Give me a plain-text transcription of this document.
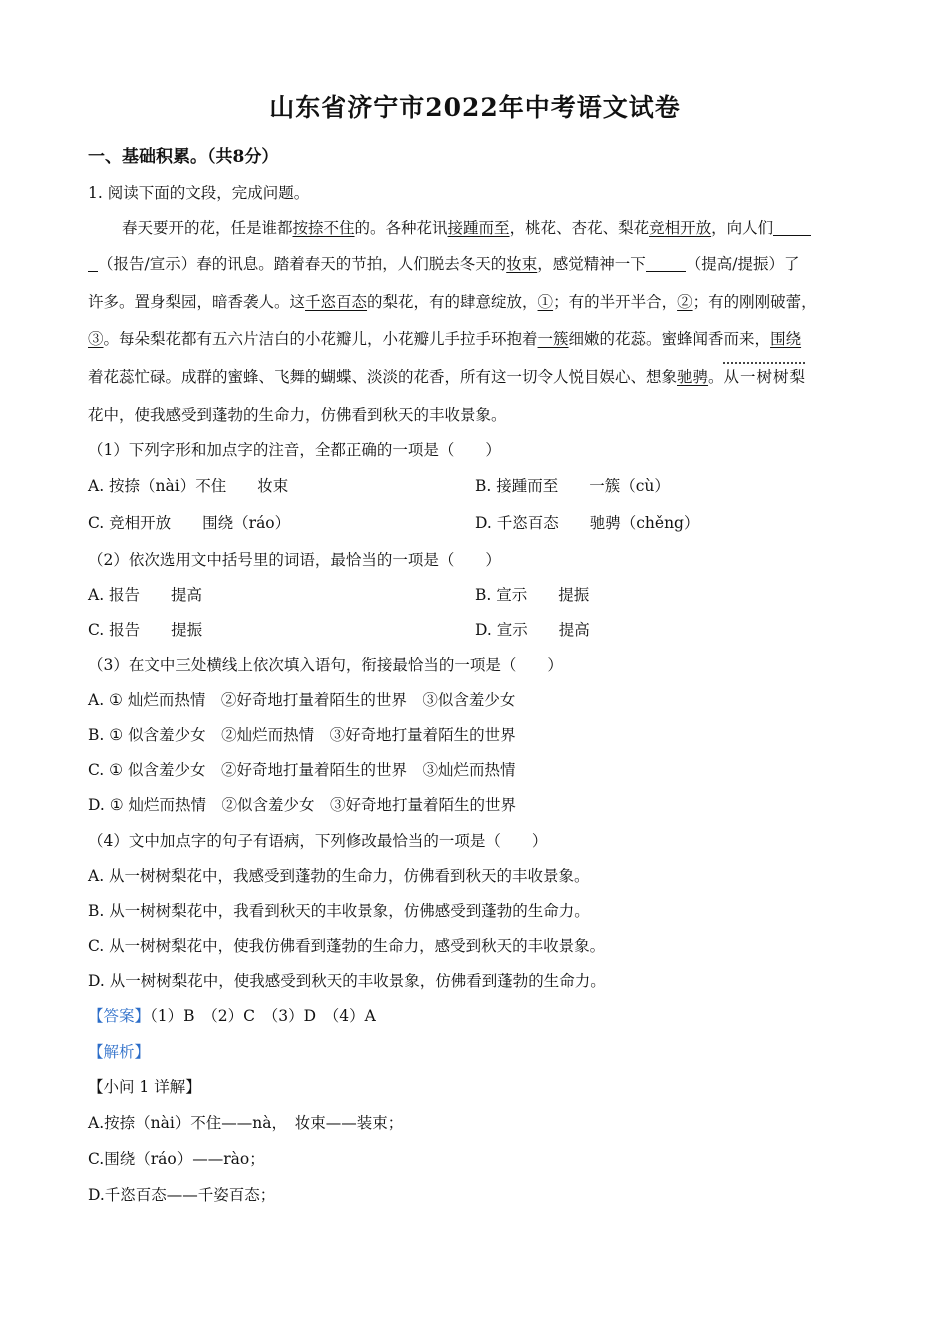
山东省济宁市2022年中考语文试卷
一、基础积累。（共8分）
1. 阅读下面的文段，完成问题。
春天要开的花，任是谁都按捺不住的。各种花讯接踵而至，桃花、杏花、梨花竞相开放，向人们
（报告/宣示）春的讯息。踏着春天的节拍，人们脱去冬天的妆束，感觉精神一下	（提高/提振）了
许多。置身梨园，暗香袭人。这千恣百态的梨花，有的肆意绽放，①；有的半开半合，②；有的刚刚破蕾，
③。每朵梨花都有五六片洁白的小花瓣儿，小花瓣儿手拉手环抱着一簇细嫩的花蕊。蜜蜂闻香而来，围绕
着花蕊忙碌。成群的蜜蜂、飞舞的蝴蝶、淡淡的花香，所有这一切令人悦目娱心、想象驰骋。从一树树梨
花中，使我感受到蓬勃的生命力，仿佛看到秋天的丰收景象。
（1）下列字形和加点字的注音，全都正确的一项是（　　）
A. 按捺（nài）不住　　妆束	B. 接踵而至　　一簇（cù）
C. 竞相开放　　围绕（ráo）	D. 千恣百态　　驰骋（chěng）
（2）依次选用文中括号里的词语，最恰当的一项是（　　）
A. 报告　　提高	B. 宣示　　提振
C. 报告　　提振	D. 宣示　　提高
（3）在文中三处横线上依次填入语句，衔接最恰当的一项是（　　）
A. ① 灿烂而热情　②好奇地打量着陌生的世界　③似含羞少女
B. ① 似含羞少女　②灿烂而热情　③好奇地打量着陌生的世界
C. ① 似含羞少女　②好奇地打量着陌生的世界　③灿烂而热情
D. ① 灿烂而热情　②似含羞少女　③好奇地打量着陌生的世界
（4）文中加点字的句子有语病，下列修改最恰当的一项是（　　）
A. 从一树树梨花中，我感受到蓬勃的生命力，仿佛看到秋天的丰收景象。
B. 从一树树梨花中，我看到秋天的丰收景象，仿佛感受到蓬勃的生命力。
C. 从一树树梨花中，使我仿佛看到蓬勃的生命力，感受到秋天的丰收景象。
D. 从一树树梨花中，使我感受到秋天的丰收景象，仿佛看到蓬勃的生命力。
【答案】（1）B　（2）C　（3）D　（4）A
【解析】
【小问 1 详解】
A.按捺（nài）不住——nà，　妆束——装束；
C.围绕（ráo）——rào；
D.千恣百态——千姿百态；
